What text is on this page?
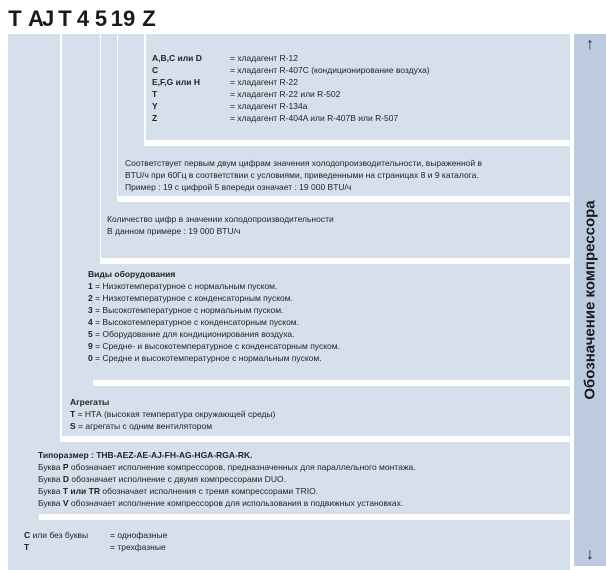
T A
J T 4 5 19 Z
A,B,C или D	= хладагент R-12
C	= хладагент R-407C (кондиционирование воздуха)
E,F,G или H	= хладагент R-22
T	= хладагент R-22 или R-502
Y	= хладагент R-134a
Z	= хладагент R-404A или R-407B или R-507
Соответствует первым двум цифрам значения холодопроизводительности, выраженной в
BTU/ч при 60Гц в соответствии с условиями, приведенными на страницах 8 и 9 каталога.
Пример : 19 с цифрой 5 впереди означает : 19 000 BTU/ч
Количество цифр в значении холодопроизводительности
В данном примере : 19 000 BTU/ч
Виды оборудования
1 = Низкотемпературное с нормальным пуском.
2 = Низкотемпературное с конденсаторным пуском.
3 = Высокотемпературное с нормальным пуском.
4 = Высокотемпературное с конденсаторным пуском.
5 = Оборудование для кондиционирования воздуха.
9 = Средне- и высокотемпературное с конденсаторным пуском.
0 = Средне и высокотемпературное с нормальным пуском.
Агрегаты
T = НТА (высокая температура окружающей среды)
S = агрегаты с одним вентилятором
Типоразмер : THB-AEZ-AE-AJ-FH-AG-HGA-RGA-RK.
Буква P обозначает исполнение компрессоров, предназначенных для параллельного монтажа.
Буква D обозначает исполнение с двумя компрессорами DUO.
Буква T или TR обозначает исполнения с тремя компрессорами TRIO.
Буква V обозначает исполнение компрессоров для использования в подвижных установках.
C или без буквы	= однофазные
T	= трехфазные
↑
Обозначение компрессора
↓
